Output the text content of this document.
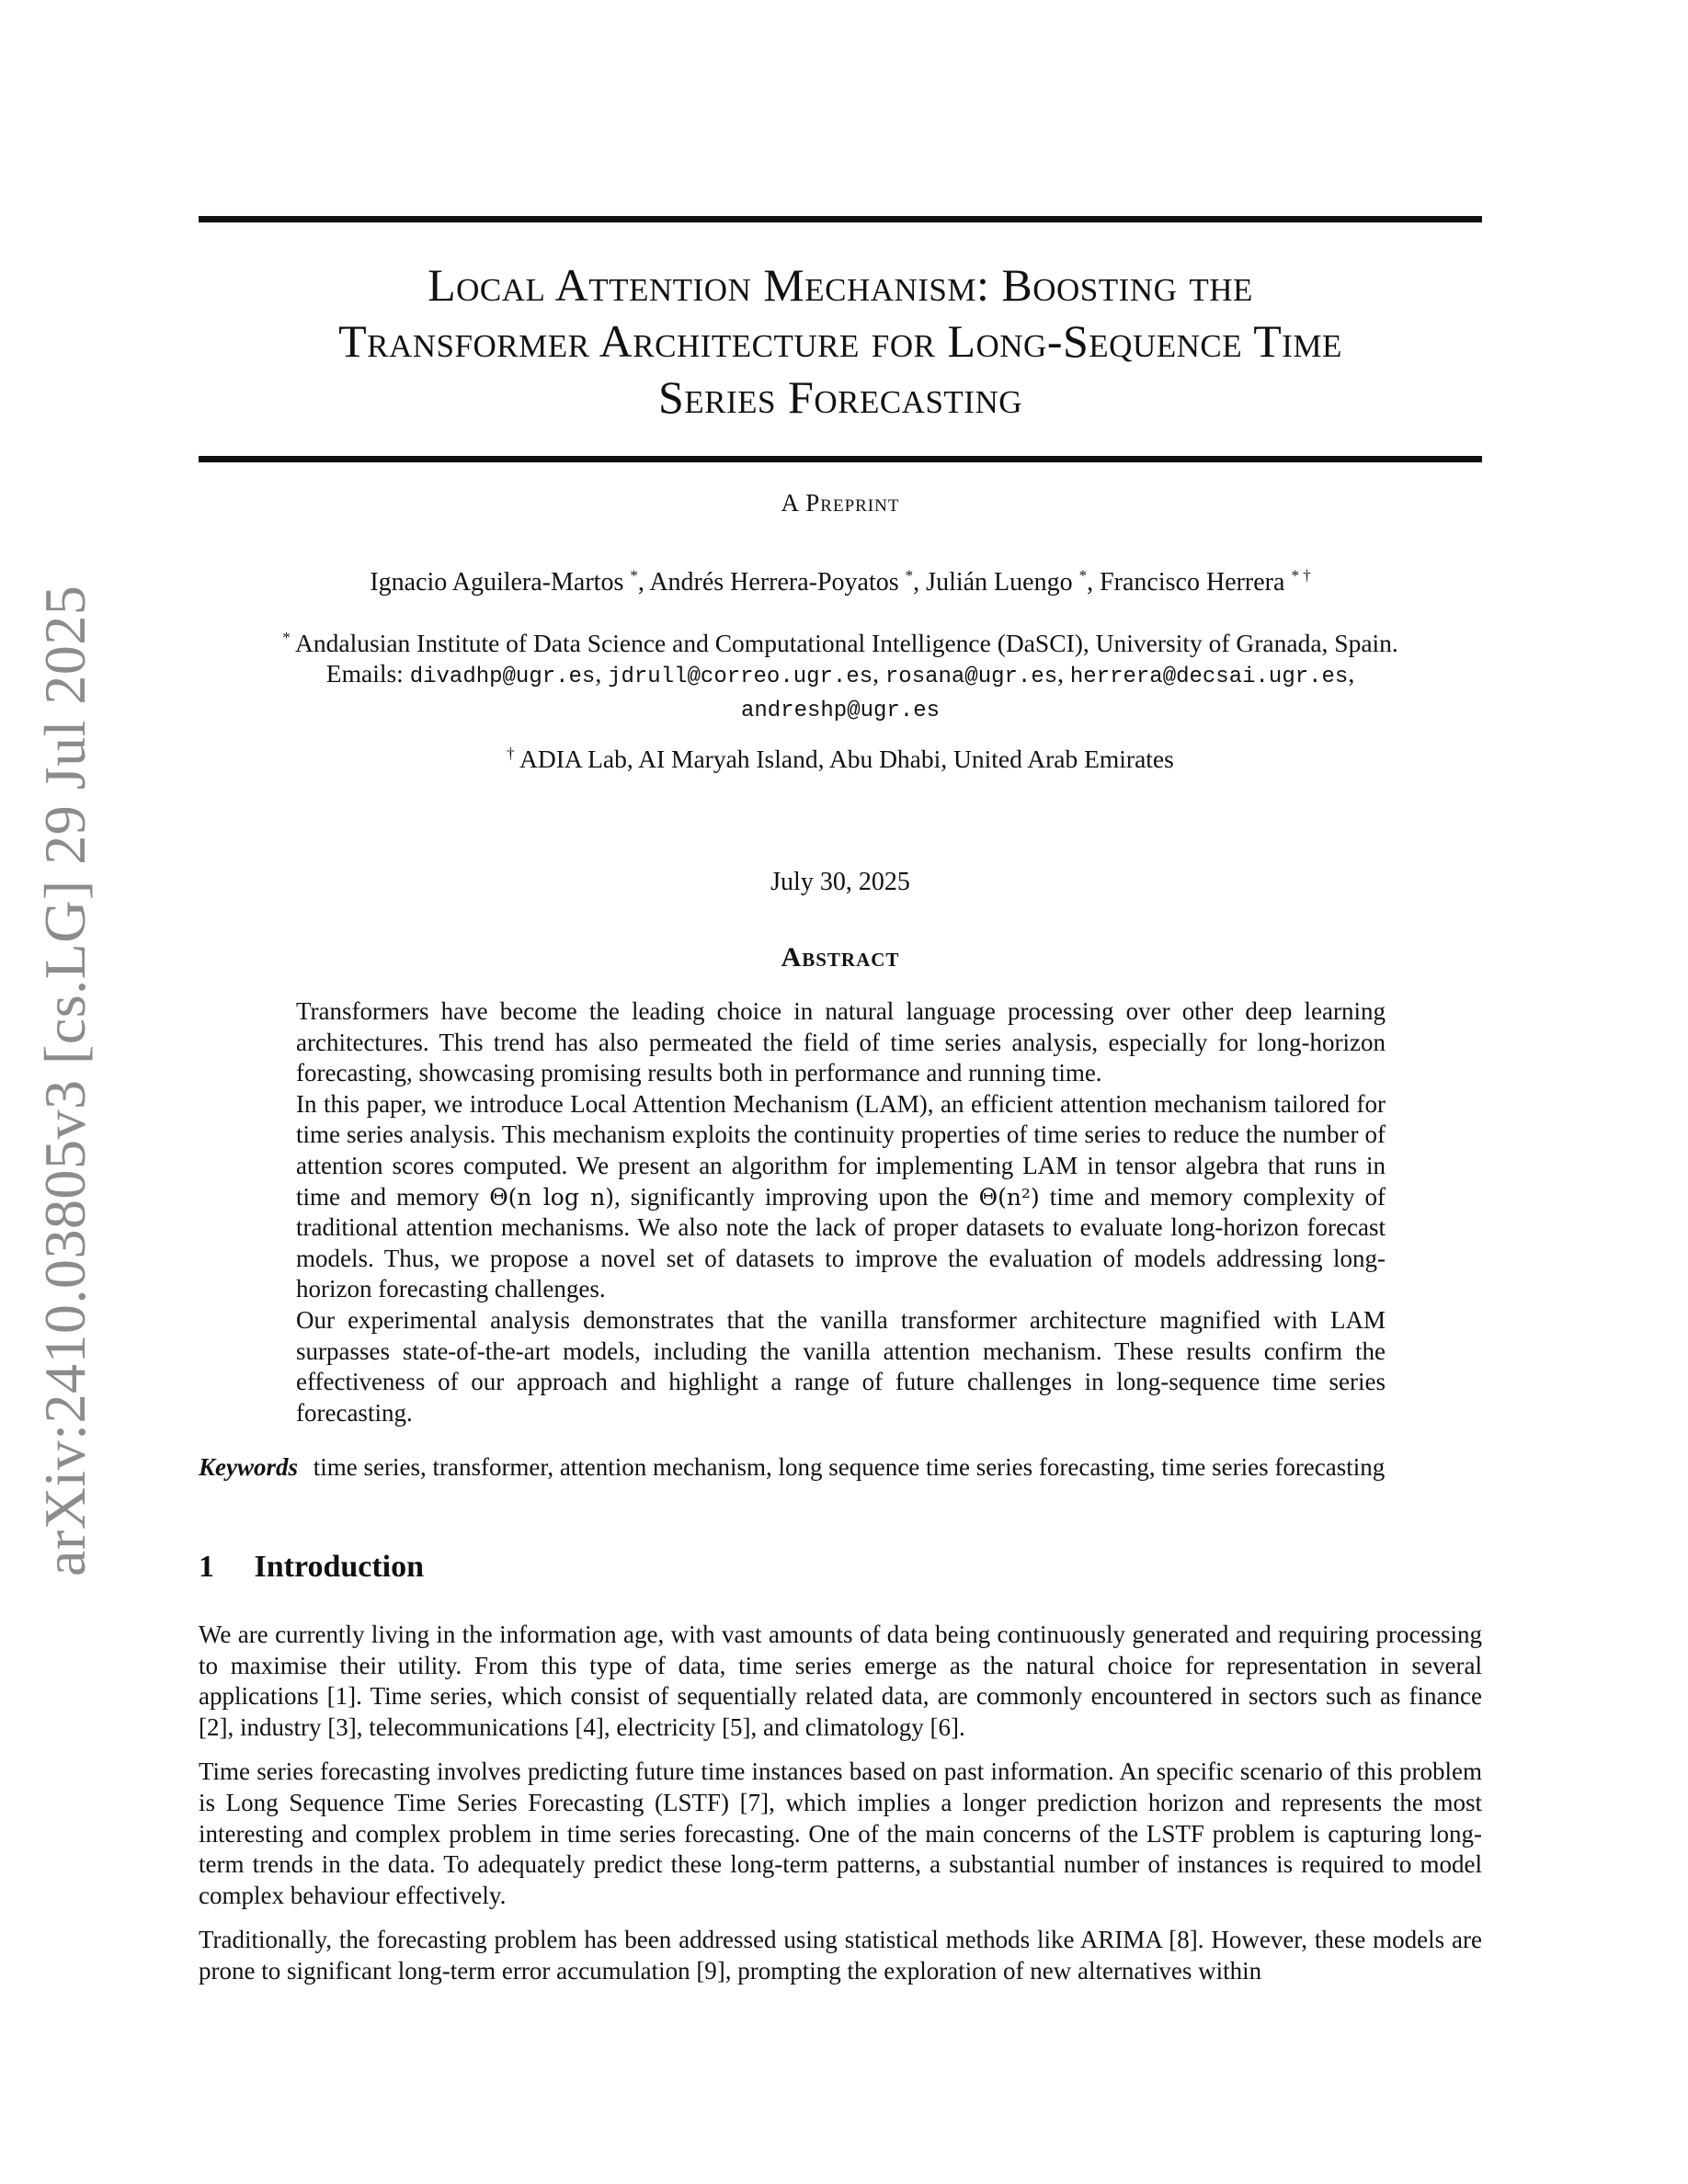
arXiv:2410.03805v3 [cs.LG] 29 Jul 2025
Local Attention Mechanism: Boosting the
Transformer Architecture for Long-Sequence Time
Series Forecasting
A Preprint
Ignacio Aguilera-Martos *, Andrés Herrera-Poyatos *, Julián Luengo *, Francisco Herrera * †
* Andalusian Institute of Data Science and Computational Intelligence (DaSCI), University of Granada, Spain.
Emails: divadhp@ugr.es, jdrull@correo.ugr.es, rosana@ugr.es, herrera@decsai.ugr.es,
andreshp@ugr.es
† ADIA Lab, AI Maryah Island, Abu Dhabi, United Arab Emirates
July 30, 2025
Abstract

Transformers have become the leading choice in natural language processing over other deep learning architectures. This trend has also permeated the field of time series analysis, especially for long-horizon forecasting, showcasing promising results both in performance and running time.

In this paper, we introduce Local Attention Mechanism (LAM), an efficient attention mechanism tailored for time series analysis. This mechanism exploits the continuity properties of time series to reduce the number of attention scores computed. We present an algorithm for implementing LAM in tensor algebra that runs in time and memory Θ(n log n), significantly improving upon the Θ(n²) time and memory complexity of traditional attention mechanisms. We also note the lack of proper datasets to evaluate long-horizon forecast models. Thus, we propose a novel set of datasets to improve the evaluation of models addressing long-horizon forecasting challenges.

Our experimental analysis demonstrates that the vanilla transformer architecture magnified with LAM surpasses state-of-the-art models, including the vanilla attention mechanism. These results confirm the effectiveness of our approach and highlight a range of future challenges in long-sequence time series forecasting.

Keywords time series, transformer, attention mechanism, long sequence time series forecasting, time series forecasting
1 Introduction

We are currently living in the information age, with vast amounts of data being continuously generated and requiring processing to maximise their utility. From this type of data, time series emerge as the natural choice for representation in several applications [1]. Time series, which consist of sequentially related data, are commonly encountered in sectors such as finance [2], industry [3], telecommunications [4], electricity [5], and climatology [6].

Time series forecasting involves predicting future time instances based on past information. An specific scenario of this problem is Long Sequence Time Series Forecasting (LSTF) [7], which implies a longer prediction horizon and represents the most interesting and complex problem in time series forecasting. One of the main concerns of the LSTF problem is capturing long-term trends in the data. To adequately predict these long-term patterns, a substantial number of instances is required to model complex behaviour effectively.

Traditionally, the forecasting problem has been addressed using statistical methods like ARIMA [8]. However, these models are prone to significant long-term error accumulation [9], prompting the exploration of new alternatives within
